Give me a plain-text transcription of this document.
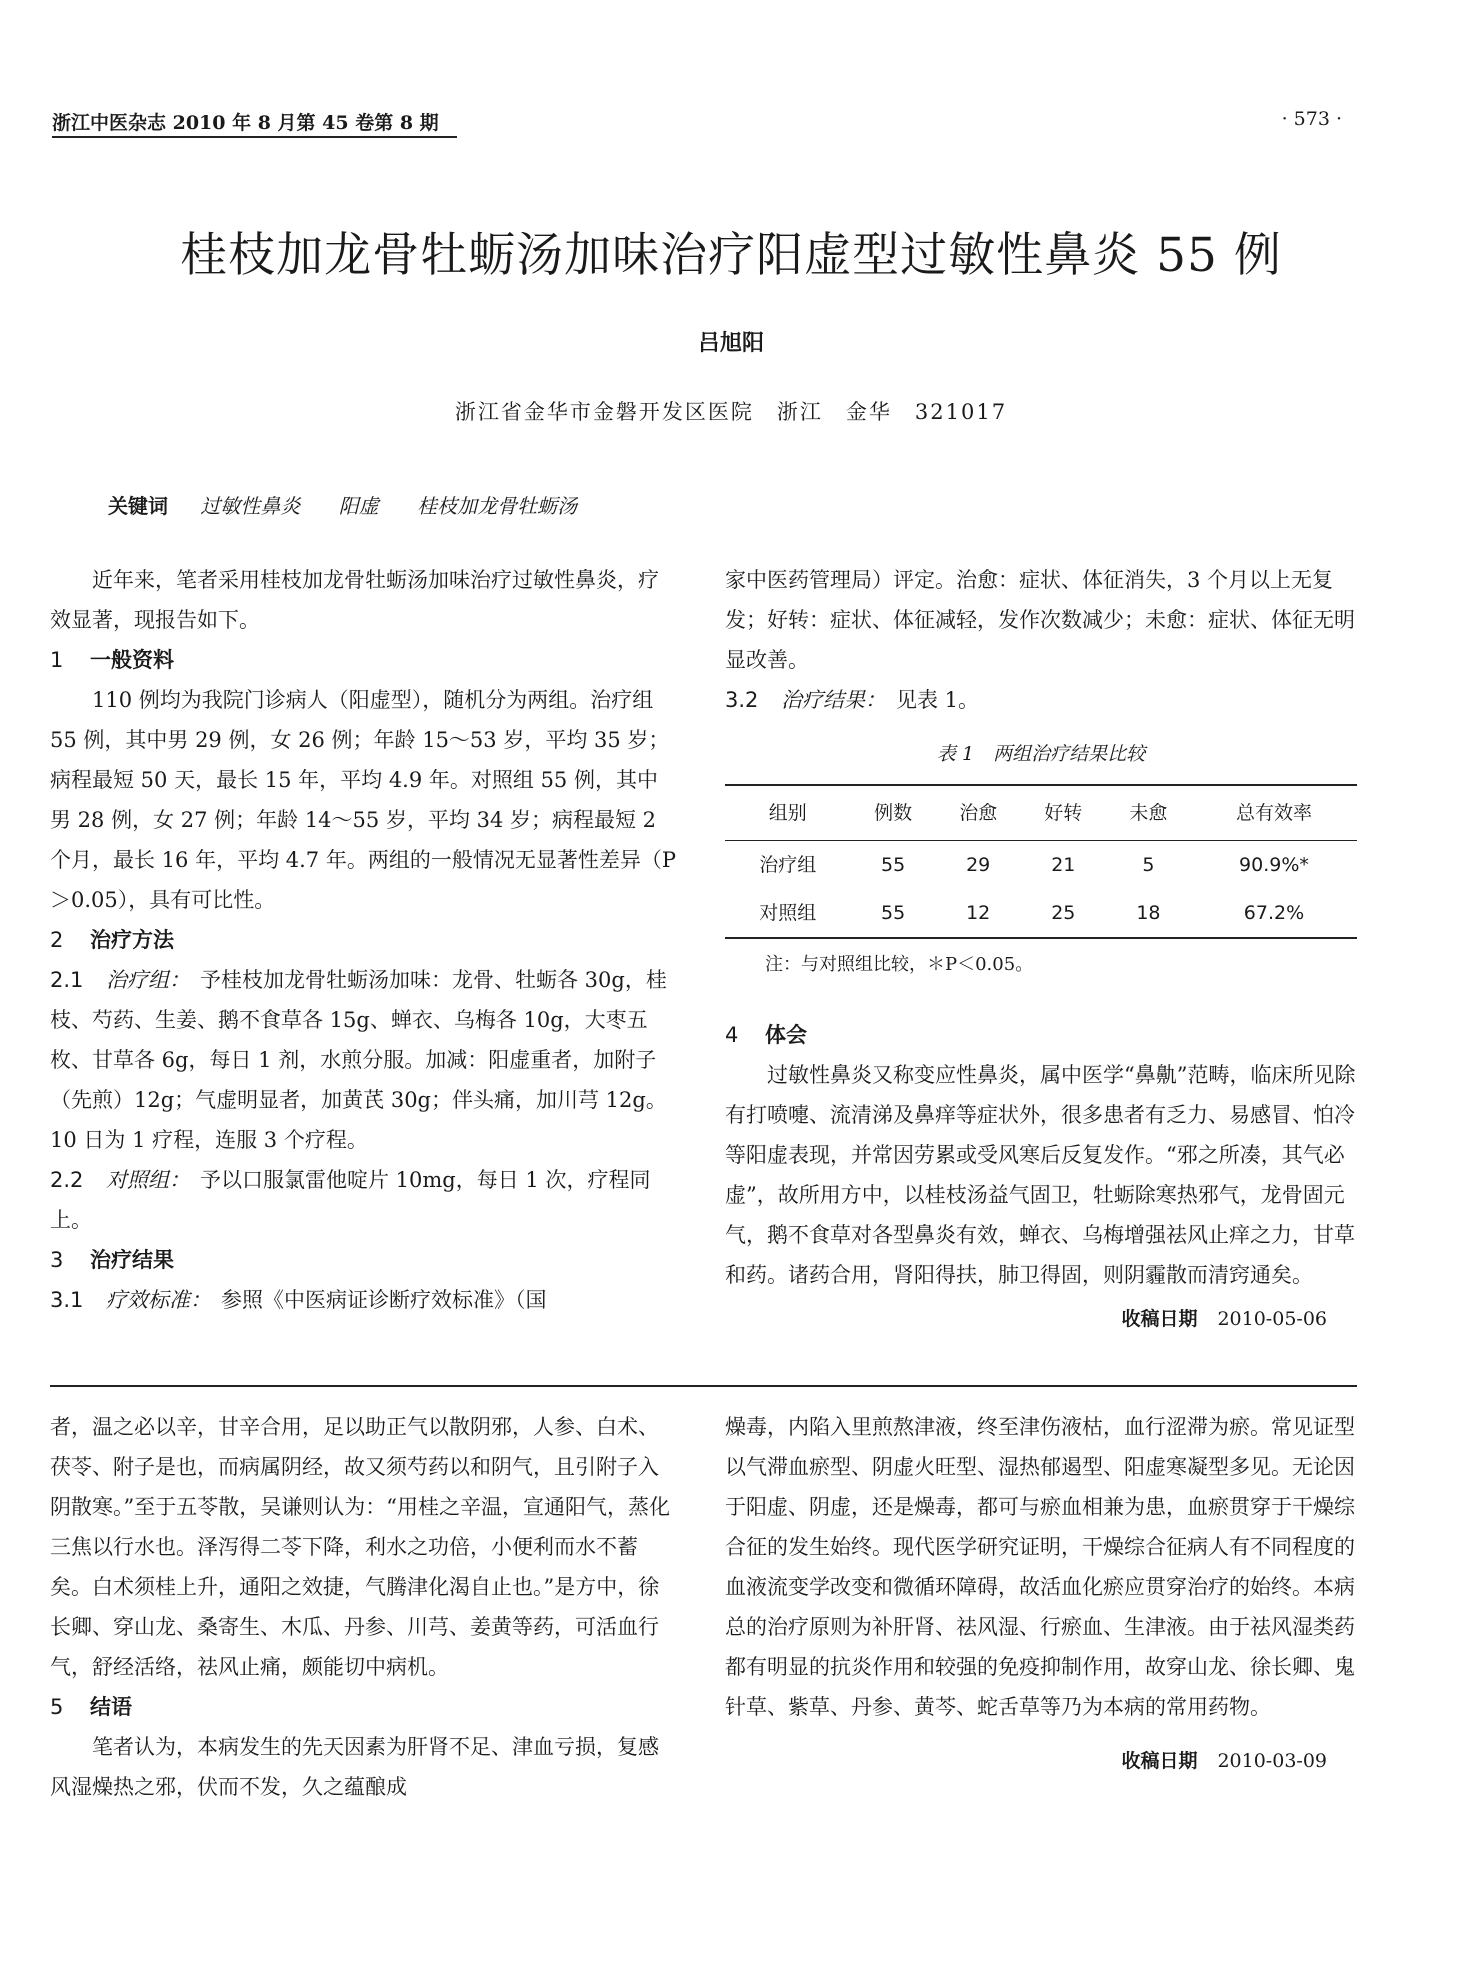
浙江中医杂志 2010 年 8 月第 45 卷第 8 期	· 573 ·
桂枝加龙骨牡蛎汤加味治疗阳虚型过敏性鼻炎 55 例
吕旭阳
浙江省金华市金磐开发区医院　浙江　金华　321017
关键词 过敏性鼻炎 阳虚 桂枝加龙骨牡蛎汤

近年来，笔者采用桂枝加龙骨牡蛎汤加味治疗过敏性鼻炎，疗效显著，现报告如下。

1 一般资料

110 例均为我院门诊病人（阳虚型），随机分为两组。治疗组 55 例，其中男 29 例，女 26 例；年龄 15～53 岁，平均 35 岁；病程最短 50 天，最长 15 年，平均 4.9 年。对照组 55 例，其中男 28 例，女 27 例；年龄 14～55 岁，平均 34 岁；病程最短 2 个月，最长 16 年，平均 4.7 年。两组的一般情况无显著性差异（P＞0.05），具有可比性。

2 治疗方法

2.1 治疗组： 予桂枝加龙骨牡蛎汤加味：龙骨、牡蛎各 30g，桂枝、芍药、生姜、鹅不食草各 15g、蝉衣、乌梅各 10g，大枣五枚、甘草各 6g，每日 1 剂，水煎分服。加减：阳虚重者，加附子（先煎）12g；气虚明显者，加黄芪 30g；伴头痛，加川芎 12g。10 日为 1 疗程，连服 3 个疗程。

2.2 对照组： 予以口服氯雷他啶片 10mg，每日 1 次，疗程同上。

3 治疗结果

3.1 疗效标准： 参照《中医病证诊断疗效标准》（国

家中医药管理局）评定。治愈：症状、体征消失，3 个月以上无复发；好转：症状、体征减轻，发作次数减少；未愈：症状、体征无明显改善。

3.2 治疗结果： 见表 1。

表 1　 两组治疗结果比较
组别	例数	治愈	好转	未愈	总有效率
治疗组	55	29	21	5	90.9%*
对照组	55	12	25	18	67.2%
注：与对照组比较，＊P＜0.05。

4 体会

过敏性鼻炎又称变应性鼻炎，属中医学“鼻鼽”范畴，临床所见除有打喷嚏、流清涕及鼻痒等症状外，很多患者有乏力、易感冒、怕冷等阳虚表现，并常因劳累或受风寒后反复发作。“邪之所凑，其气必虚”，故所用方中，以桂枝汤益气固卫，牡蛎除寒热邪气，龙骨固元气，鹅不食草对各型鼻炎有效，蝉衣、乌梅增强祛风止痒之力，甘草和药。诸药合用，肾阳得扶，肺卫得固，则阴霾散而清窍通矣。

收稿日期 2010-05-06

者，温之必以辛，甘辛合用，足以助正气以散阴邪，人参、白术、茯苓、附子是也，而病属阴经，故又须芍药以和阴气，且引附子入阴散寒。”至于五苓散，吴谦则认为：“用桂之辛温，宣通阳气，蒸化三焦以行水也。泽泻得二苓下降，利水之功倍，小便利而水不蓄矣。白术须桂上升，通阳之效捷，气腾津化渴自止也。”是方中，徐长卿、穿山龙、桑寄生、木瓜、丹参、川芎、姜黄等药，可活血行气，舒经活络，祛风止痛，颇能切中病机。

5 结语

笔者认为，本病发生的先天因素为肝肾不足、津血亏损，复感风湿燥热之邪，伏而不发，久之蕴酿成

燥毒，内陷入里煎熬津液，终至津伤液枯，血行涩滞为瘀。常见证型以气滞血瘀型、阴虚火旺型、湿热郁遏型、阳虚寒凝型多见。无论因于阳虚、阴虚，还是燥毒，都可与瘀血相兼为患，血瘀贯穿于干燥综合征的发生始终。现代医学研究证明，干燥综合征病人有不同程度的血液流变学改变和微循环障碍，故活血化瘀应贯穿治疗的始终。本病总的治疗原则为补肝肾、祛风湿、行瘀血、生津液。由于祛风湿类药都有明显的抗炎作用和较强的免疫抑制作用，故穿山龙、徐长卿、鬼针草、紫草、丹参、黄芩、蛇舌草等乃为本病的常用药物。

收稿日期 2010-03-09
